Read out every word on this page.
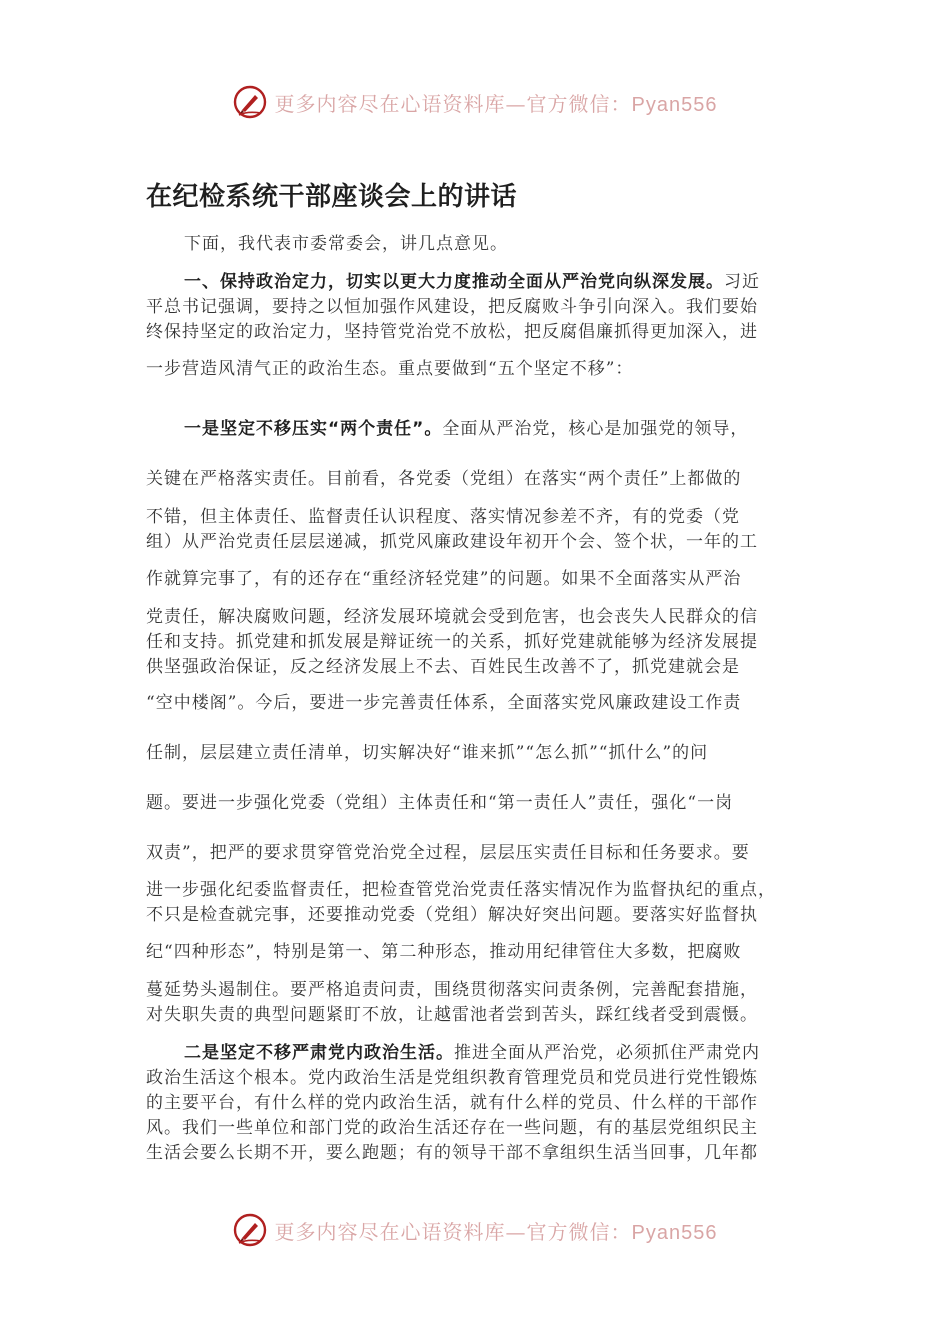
更多内容尽在心语资料库—官方微信：Pyan556
在纪检系统干部座谈会上的讲话
下面，我代表市委常委会，讲几点意见。
一、保持政治定力，切实以更大力度推动全面从严治党向纵深发展。习近
平总书记强调，要持之以恒加强作风建设，把反腐败斗争引向深入。我们要始
终保持坚定的政治定力，坚持管党治党不放松，把反腐倡廉抓得更加深入，进
一步营造风清气正的政治生态。重点要做到“五个坚定不移”：
一是坚定不移压实“两个责任”。全面从严治党，核心是加强党的领导，
关键在严格落实责任。目前看，各党委（党组）在落实“两个责任”上都做的
不错，但主体责任、监督责任认识程度、落实情况参差不齐，有的党委（党
组）从严治党责任层层递减，抓党风廉政建设年初开个会、签个状，一年的工
作就算完事了，有的还存在“重经济轻党建”的问题。如果不全面落实从严治
党责任，解决腐败问题，经济发展环境就会受到危害，也会丧失人民群众的信
任和支持。抓党建和抓发展是辩证统一的关系，抓好党建就能够为经济发展提
供坚强政治保证，反之经济发展上不去、百姓民生改善不了，抓党建就会是
“空中楼阁”。今后，要进一步完善责任体系，全面落实党风廉政建设工作责
任制，层层建立责任清单，切实解决好“谁来抓”“怎么抓”“抓什么”的问
题。要进一步强化党委（党组）主体责任和“第一责任人”责任，强化“一岗
双责”，把严的要求贯穿管党治党全过程，层层压实责任目标和任务要求。要
进一步强化纪委监督责任，把检查管党治党责任落实情况作为监督执纪的重点，
不只是检查就完事，还要推动党委（党组）解决好突出问题。要落实好监督执
纪“四种形态”，特别是第一、第二种形态，推动用纪律管住大多数，把腐败
蔓延势头遏制住。要严格追责问责，围绕贯彻落实问责条例，完善配套措施，
对失职失责的典型问题紧盯不放，让越雷池者尝到苦头，踩红线者受到震慑。
二是坚定不移严肃党内政治生活。推进全面从严治党，必须抓住严肃党内
政治生活这个根本。党内政治生活是党组织教育管理党员和党员进行党性锻炼
的主要平台，有什么样的党内政治生活，就有什么样的党员、什么样的干部作
风。我们一些单位和部门党的政治生活还存在一些问题，有的基层党组织民主
生活会要么长期不开，要么跑题；有的领导干部不拿组织生活当回事，几年都
更多内容尽在心语资料库—官方微信：Pyan556
